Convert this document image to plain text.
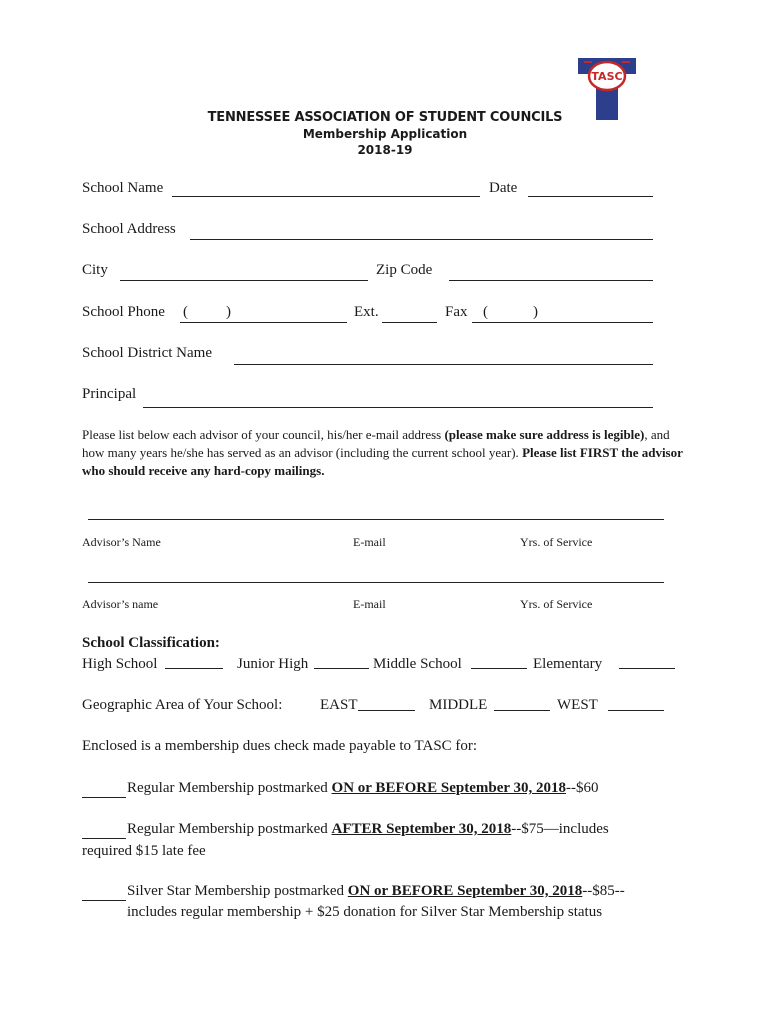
TASC
TENNESSEE ASSOCIATION OF STUDENT COUNCILS
Membership Application
2018-19
School Name	Date
School Address
City	Zip Code
School Phone (	)	Ext.	Fax (	)
School District Name
Principal
Please list below each advisor of your council, his/her e-mail address (please make sure address is legible), and how many years he/she has served as an advisor (including the current school year). Please list FIRST the advisor who should receive any hard-copy mailings.
Advisor’s Name	E-mail	Yrs. of Service
Advisor’s name	E-mail	Yrs. of Service
School Classification:
High School	Junior High	Middle School	Elementary
Geographic Area of Your School:	EAST	MIDDLE	WEST
Enclosed is a membership dues check made payable to TASC for:
Regular Membership postmarked ON or BEFORE September 30, 2018--$60
Regular Membership postmarked AFTER September 30, 2018--$75—includes
required $15 late fee
Silver Star Membership postmarked ON or BEFORE September 30, 2018--$85--
includes regular membership + $25 donation for Silver Star Membership status
